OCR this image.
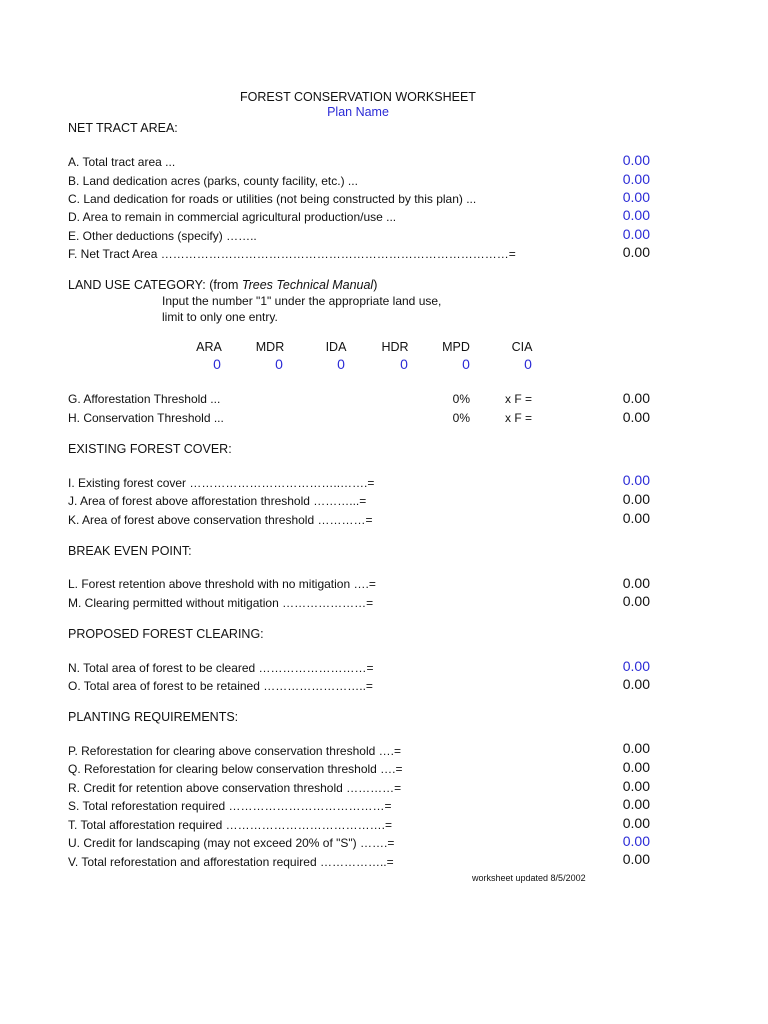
FOREST CONSERVATION WORKSHEET
Plan Name
NET TRACT AREA:
A. Total tract area ...	0.00
B. Land dedication acres (parks, county facility, etc.) ...	0.00
C. Land dedication for roads or utilities (not being constructed by this plan) ...	0.00
D. Area to remain in commercial agricultural production/use ...	0.00
E. Other deductions (specify) ……..	0.00
F. Net Tract Area ……………………………………………………………………………=	0.00
LAND USE CATEGORY: (from Trees Technical Manual)
Input the number "1" under the appropriate land use,
limit to only one entry.
ARA	MDR	IDA	HDR	MPD	CIA
0	0	0	0	0	0
G. Afforestation Threshold ...	0%	x F =	0.00
H. Conservation Threshold ...	0%	x F =	0.00
EXISTING FOREST COVER:
I. Existing forest cover ………………………………..…….=	0.00
J. Area of forest above afforestation threshold ………...=	0.00
K. Area of forest above conservation threshold …………=	0.00
BREAK EVEN POINT:
L. Forest retention above threshold with no mitigation ….=	0.00
M. Clearing permitted without mitigation …………………=	0.00
PROPOSED FOREST CLEARING:
N. Total area of forest to be cleared ………………………=	0.00
O. Total area of forest to be retained ……………………..=	0.00
PLANTING REQUIREMENTS:
P. Reforestation for clearing above conservation threshold ….=	0.00
Q. Reforestation for clearing below conservation threshold ….=	0.00
R. Credit for retention above conservation threshold …………=	0.00
S. Total reforestation required …………………………………=	0.00
T. Total afforestation required ………………………………….=	0.00
U. Credit for landscaping (may not exceed 20% of "S") …….=	0.00
V. Total reforestation and afforestation required ……………..=	0.00
worksheet updated 8/5/2002
